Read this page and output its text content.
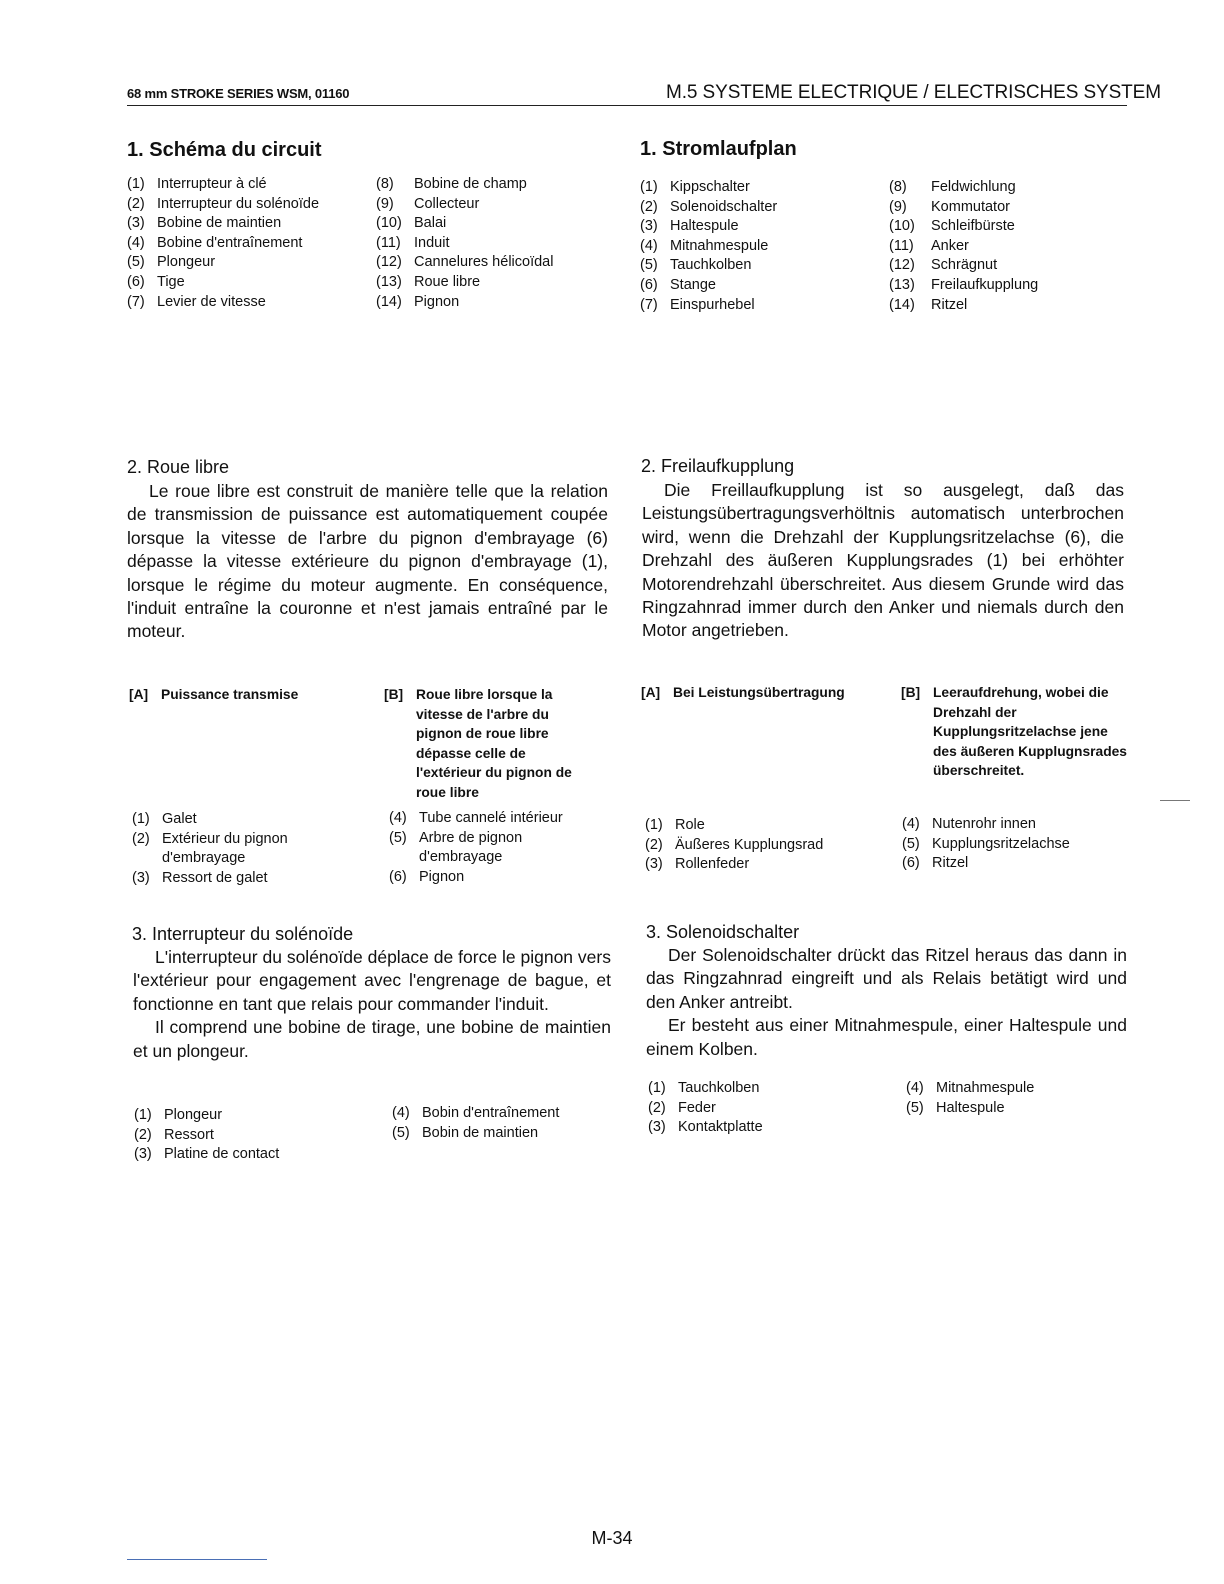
68 mm STROKE SERIES WSM, 01160	M.5 SYSTEME ELECTRIQUE / ELECTRISCHES SYSTEM
1. Schéma du circuit
(1) Interrupteur à clé
(2) Interrupteur du solénoïde
(3) Bobine de maintien
(4) Bobine d'entraînement
(5) Plongeur
(6) Tige
(7) Levier de vitesse
(8)	Bobine de champ
(9)	Collecteur
(10) Balai
(11) Induit
(12) Cannelures hélicoïdal
(13) Roue libre
(14) Pignon
2. Roue libre

Le roue libre est construit de manière telle que la relation de transmission de puissance est automatiquement coupée lorsque la vitesse de l'arbre du pignon d'embrayage (6) dépasse la vitesse extérieure du pignon d'embrayage (1), lorsque le régime du moteur augmente. En conséquence, l'induit entraîne la couronne et n'est jamais entraîné par le moteur.

[A] Puissance transmise	[B] Roue libre lorsque la vitesse de l'arbre du pignon de roue libre dépasse celle de l'extérieur du pignon de roue libre
(1) Galet
(2) Extérieur du pignon d'embrayage
(3) Ressort de galet
(4) Tube cannelé intérieur
(5) Arbre de pignon d'embrayage
(6) Pignon
3. Interrupteur du solénoïde

L'interrupteur du solénoïde déplace de force le pignon vers l'extérieur pour engagement avec l'engrenage de bague, et fonctionne en tant que relais pour commander l'induit.

Il comprend une bobine de tirage, une bobine de maintien et un plongeur.

(1) Plongeur
(2) Ressort
(3) Platine de contact
(4) Bobin d'entraînement
(5) Bobin de maintien
1. Stromlaufplan
(1) Kippschalter
(2) Solenoidschalter
(3) Haltespule
(4) Mitnahmespule
(5) Tauchkolben
(6) Stange
(7) Einspurhebel
(8)	Feldwichlung
(9)	Kommutator
(10)	Schleifbürste
(11)	Anker
(12)	Schrägnut
(13)	Freilaufkupplung
(14)	Ritzel
2. Freilaufkupplung

Die Freillaufkupplung ist so ausgelegt, daß das Leistungsübertragungsverhöltnis automatisch unterbrochen wird, wenn die Drehzahl der Kupplungsritzelachse (6), die Drehzahl des äußeren Kupplungsrades (1) bei erhöhter Motorendrehzahl überschreitet. Aus diesem Grunde wird das Ringzahnrad immer durch den Anker und niemals durch den Motor angetrieben.

[A] Bei Leistungsübertragung	[B] Leeraufdrehung, wobei die Drehzahl der Kupplungsritzelachse jene des äußeren Kupplugnsrades überschreitet.
(1) Role
(2) Äußeres Kupplungsrad
(3) Rollenfeder
(4) Nutenrohr innen
(5) Kupplungsritzelachse
(6) Ritzel
3. Solenoidschalter

Der Solenoidschalter drückt das Ritzel heraus das dann in das Ringzahnrad eingreift und als Relais betätigt wird und den Anker antreibt.

Er besteht aus einer Mitnahmespule, einer Haltespule und einem Kolben.

(1) Tauchkolben
(2) Feder
(3) Kontaktplatte
(4) Mitnahmespule
(5) Haltespule
M-34
